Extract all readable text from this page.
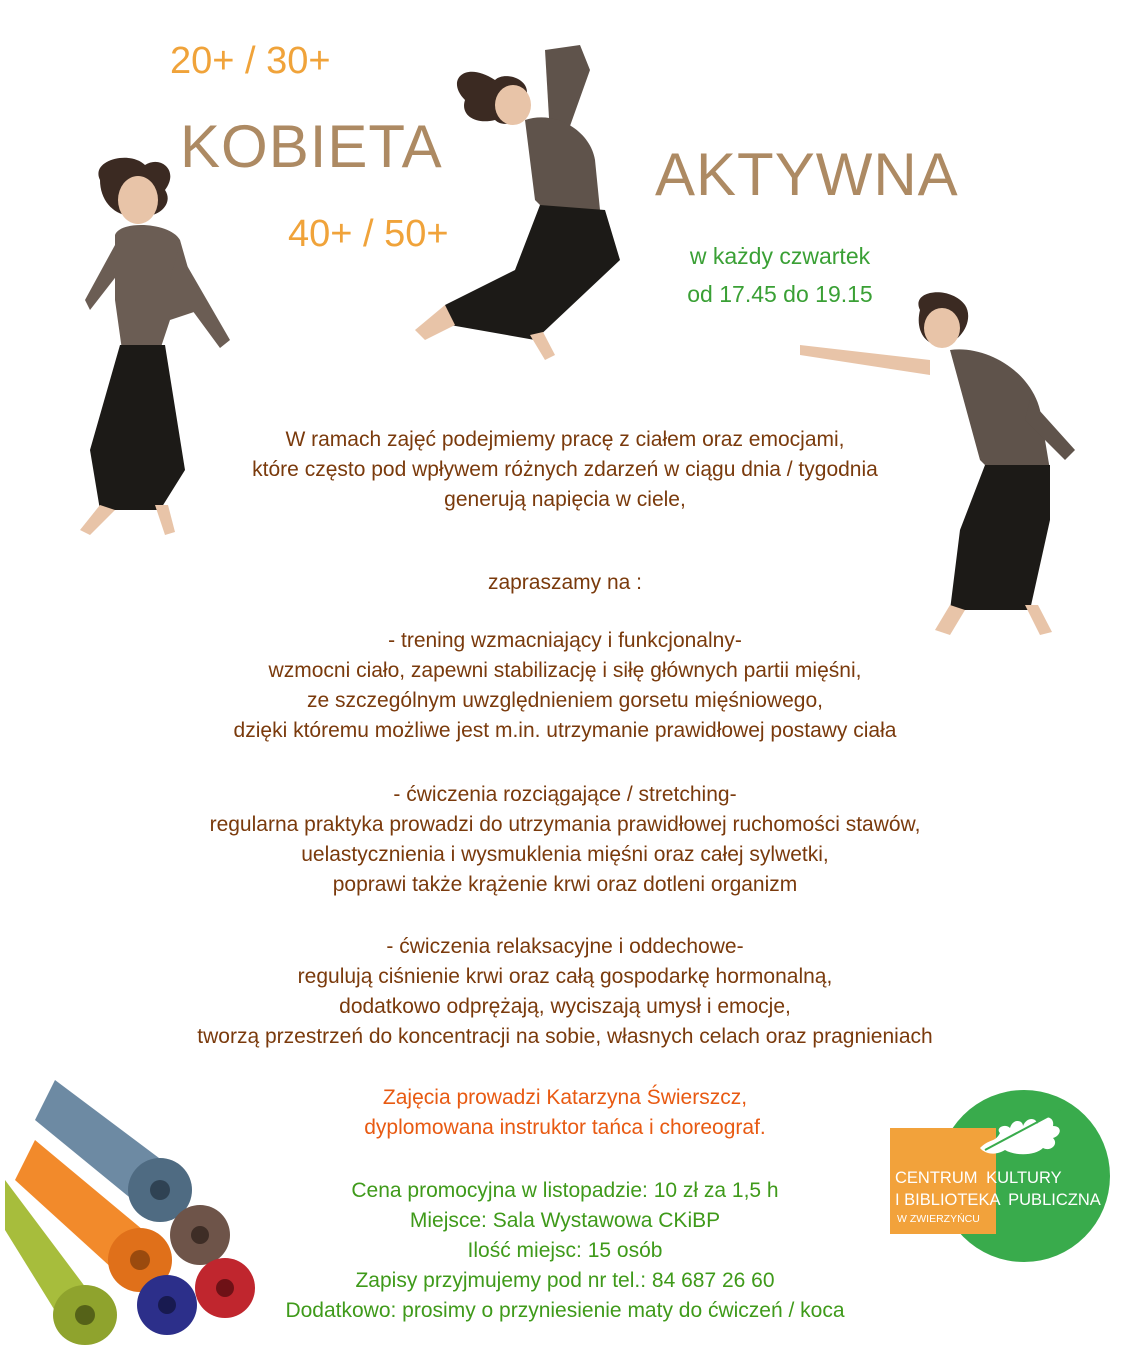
20+ / 30+
KOBIETA
40+ / 50+
AKTYWNA
w każdy czwartek
od 17.45 do 19.15
W ramach zajęć podejmiemy pracę z ciałem oraz emocjami,
które często pod wpływem różnych zdarzeń w ciągu dnia / tygodnia
generują napięcia w ciele,
zapraszamy na :
- trening wzmacniający i funkcjonalny-
wzmocni ciało, zapewni stabilizację i siłę głównych partii mięśni,
ze szczególnym uwzględnieniem gorsetu mięśniowego,
dzięki któremu możliwe jest m.in. utrzymanie prawidłowej postawy ciała
- ćwiczenia rozciągające / stretching-
regularna praktyka prowadzi do utrzymania prawidłowej ruchomości stawów,
uelastycznienia i wysmuklenia mięśni oraz całej sylwetki,
poprawi także krążenie krwi oraz dotleni organizm
- ćwiczenia relaksacyjne i oddechowe-
regulują ciśnienie krwi oraz całą gospodarkę hormonalną,
dodatkowo odprężają, wyciszają umysł i emocje,
tworzą przestrzeń do koncentracji na sobie, własnych celach oraz pragnieniach
Zajęcia prowadzi Katarzyna Świerszcz,
dyplomowana instruktor tańca i choreograf.
Cena promocyjna w listopadzie: 10 zł za 1,5 h
Miejsce: Sala Wystawowa CKiBP
Ilość miejsc: 15 osób
Zapisy przyjmujemy pod nr tel.: 84 687 26 60
Dodatkowo: prosimy o przyniesienie maty do ćwiczeń / koca
CENTRUM KULTURY
I BIBLIOTEKA PUBLICZNA
W ZWIERZYŃCU
